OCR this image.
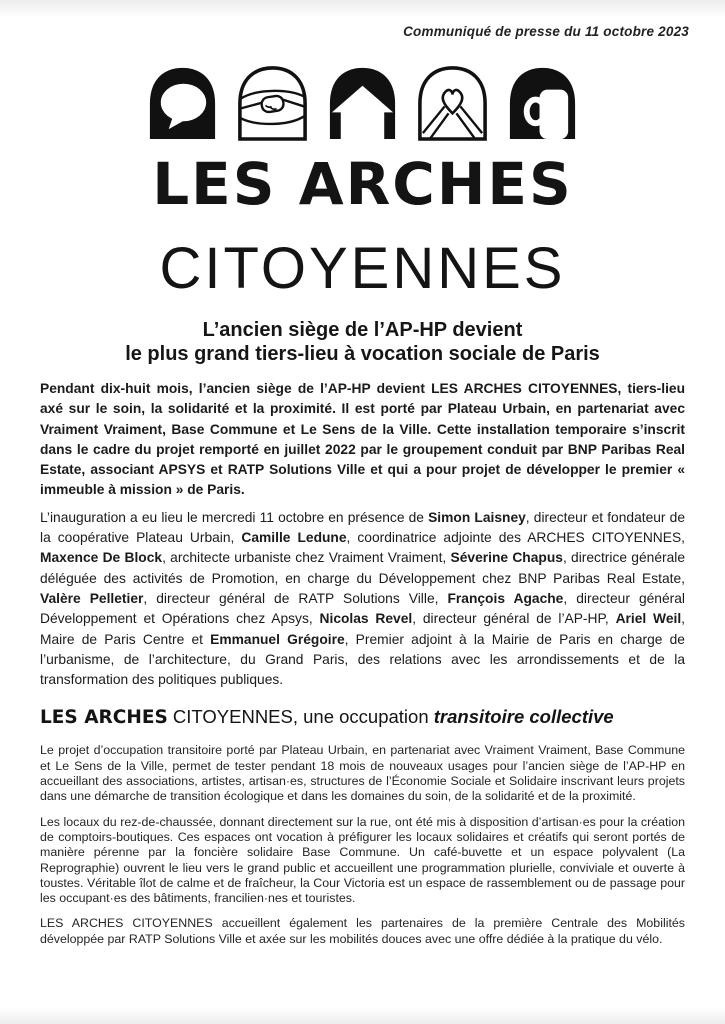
Communiqué de presse du 11 octobre 2023
LES ARCHES
CITOYENNES
L’ancien siège de l’AP-HP devient
le plus grand tiers-lieu à vocation sociale de Paris

Pendant dix-huit mois, l’ancien siège de l’AP-HP devient LES ARCHES CITOYENNES, tiers-lieu axé sur le soin, la solidarité et la proximité. Il est porté par Plateau Urbain, en partenariat avec Vraiment Vraiment, Base Commune et Le Sens de la Ville. Cette installation temporaire s’inscrit dans le cadre du projet remporté en juillet 2022 par le groupement conduit par BNP Paribas Real Estate, associant APSYS et RATP Solutions Ville et qui a pour projet de développer le premier « immeuble à mission » de Paris.

L’inauguration a eu lieu le mercredi 11 octobre en présence de Simon Laisney, directeur et fondateur de la coopérative Plateau Urbain, Camille Ledune, coordinatrice adjointe des ARCHES CITOYENNES, Maxence De Block, architecte urbaniste chez Vraiment Vraiment, Séverine Chapus, directrice générale déléguée des activités de Promotion, en charge du Développement chez BNP Paribas Real Estate, Valère Pelletier, directeur général de RATP Solutions Ville, François Agache, directeur général Développement et Opérations chez Apsys, Nicolas Revel, directeur général de l’AP-HP, Ariel Weil, Maire de Paris Centre et Emmanuel Grégoire, Premier adjoint à la Mairie de Paris en charge de l’urbanisme, de l’architecture, du Grand Paris, des relations avec les arrondissements et de la transformation des politiques publiques.

LES ARCHES CITOYENNES, une occupation transitoire collective

Le projet d’occupation transitoire porté par Plateau Urbain, en partenariat avec Vraiment Vraiment, Base Commune et Le Sens de la Ville, permet de tester pendant 18 mois de nouveaux usages pour l’ancien siège de l’AP-HP en accueillant des associations, artistes, artisan·es, structures de l’Économie Sociale et Solidaire inscrivant leurs projets dans une démarche de transition écologique et dans les domaines du soin, de la solidarité et de la proximité.

Les locaux du rez-de-chaussée, donnant directement sur la rue, ont été mis à disposition d’artisan·es pour la création de comptoirs-boutiques. Ces espaces ont vocation à préfigurer les locaux solidaires et créatifs qui seront portés de manière pérenne par la foncière solidaire Base Commune. Un café-buvette et un espace polyvalent (La Reprographie) ouvrent le lieu vers le grand public et accueillent une programmation plurielle, conviviale et ouverte à toustes. Véritable îlot de calme et de fraîcheur, la Cour Victoria est un espace de rassemblement ou de passage pour les occupant·es des bâtiments, francilien·nes et touristes.

LES ARCHES CITOYENNES accueillent également les partenaires de la première Centrale des Mobilités développée par RATP Solutions Ville et axée sur les mobilités douces avec une offre dédiée à la pratique du vélo.
